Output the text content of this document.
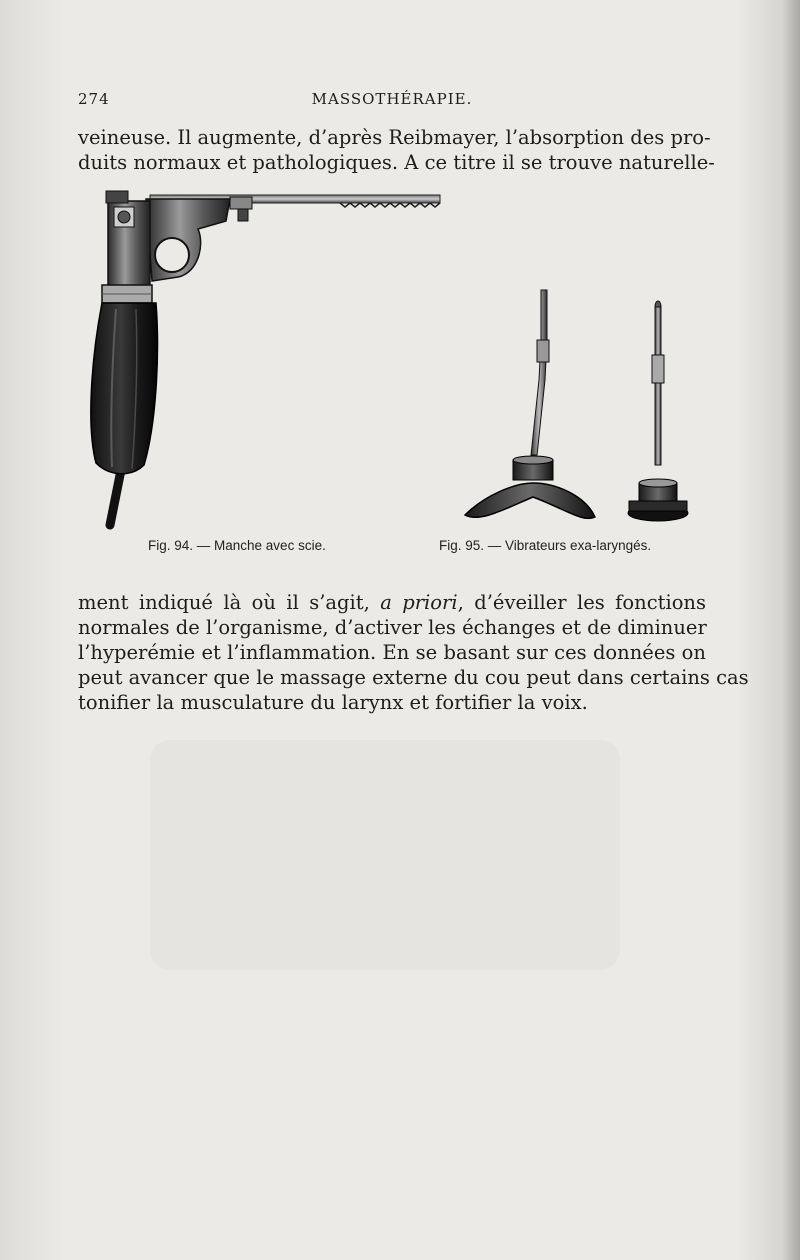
274	MASSOTHÉRAPIE.

veineuse. Il augmente, d’après Reibmayer, l’absorption des pro-
duits normaux et pathologiques. A ce titre il se trouve naturelle-

Fig. 94. — Manche avec scie.	Fig. 95. — Vibrateurs exa-laryngés.

ment indiqué là où il s’agit, a priori, d’éveiller les fonctions
normales de l’organisme, d’activer les échanges et de diminuer
l’hyperémie et l’inflammation. En se basant sur ces données on
peut avancer que le massage externe du cou peut dans certains cas
tonifier la musculature du larynx et fortifier la voix.
